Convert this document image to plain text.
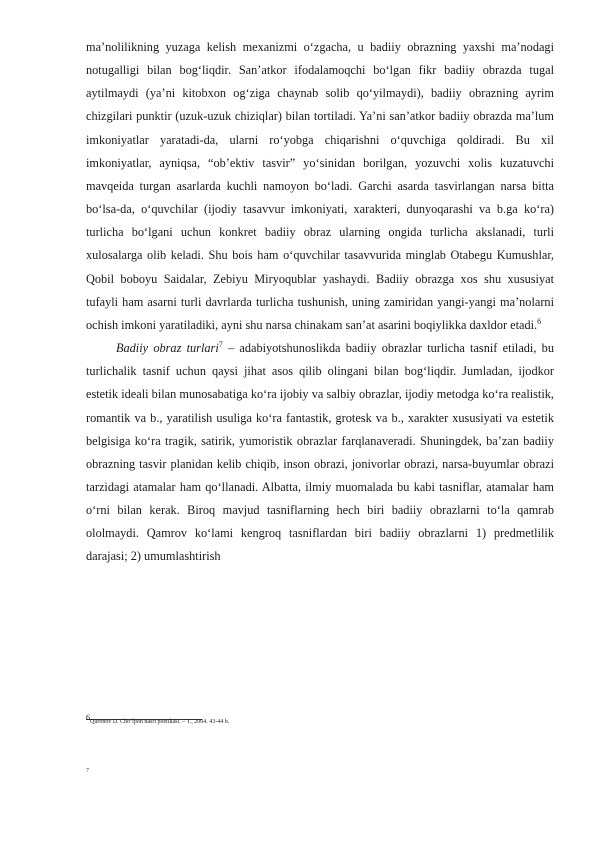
ma’nolilikning yuzaga kelish mexanizmi o‘zgacha, u badiiy obrazning yaxshi ma’nodagi notugalligi bilan bog‘liqdir. San’atkor ifodalamoqchi bo‘lgan fikr badiiy obrazda tugal aytilmaydi (ya’ni kitobxon og‘ziga chaynab solib qo‘yilmaydi), badiiy obrazning ayrim chizgilari punktir (uzuk-uzuk chiziqlar) bilan tortiladi. Ya’ni san’atkor badiiy obrazda ma’lum imkoniyatlar yaratadi-da, ularni ro‘yobga chiqarishni o‘quvchiga qoldiradi. Bu xil imkoniyatlar, ayniqsa, “ob’ektiv tasvir” yo‘sinidan borilgan, yozuvchi xolis kuzatuvchi mavqeida turgan asarlarda kuchli namoyon bo‘ladi. Garchi asarda tasvirlangan narsa bitta bo‘lsa-da, o‘quvchilar (ijodiy tasavvur imkoniyati, xarakteri, dunyoqarashi va b.ga ko‘ra) turlicha bo‘lgani uchun konkret badiiy obraz ularning ongida turlicha akslanadi, turli xulosalarga olib keladi. Shu bois ham o‘quvchilar tasavvurida minglab Otabegu Kumushlar, Qobil boboyu Saidalar, Zebiyu Miryoqublar yashaydi. Badiiy obrazga xos shu xususiyat tufayli ham asarni turli davrlarda turlicha tushunish, uning zamiridan yangi-yangi ma’nolarni ochish imkoni yaratiladiki, ayni shu narsa chinakam san’at asarini boqiylikka daxldor etadi.$^6$

Badiiy obraz turlari$^7$ – adabiyotshunoslikda badiiy obrazlar turlicha tasnif etiladi, bu turlichalik tasnif uchun qaysi jihat asos qilib olingani bilan bog‘liqdir. Jumladan, ijodkor estetik ideali bilan munosabatiga ko‘ra ijobiy va salbiy obrazlar, ijodiy metodga ko‘ra realistik, romantik va b., yaratilish usuliga ko‘ra fantastik, grotesk va b., xarakter xususiyati va estetik belgisiga ko‘ra tragik, satirik, yumoristik obrazlar farqlanaveradi. Shuningdek, ba’zan badiiy obrazning tasvir planidan kelib chiqib, inson obrazi, jonivorlar obrazi, narsa-buyumlar obrazi tarzidagi atamalar ham qo‘llanadi. Albatta, ilmiy muomalada bu kabi tasniflar, atamalar ham o‘rni bilan kerak. Biroq mavjud tasniflarning hech biri badiiy obrazlarni to‘la qamrab ololmaydi. Qamrov ko‘lami kengroq tasniflardan biri badiiy obrazlarni 1) predmetlilik darajasi; 2) umumlashtirish

$^6$Quronov D. Cho‘lpon nasri poetikasi. – T., 2004. 43-44 b.
7
